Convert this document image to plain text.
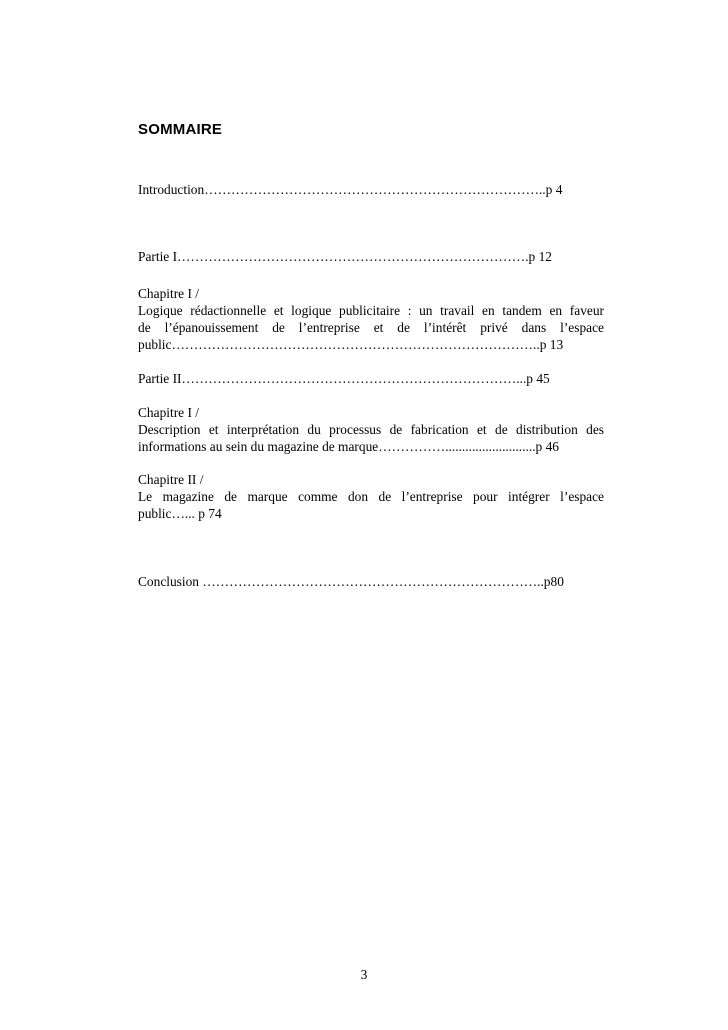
SOMMAIRE
Introduction…………………………………………………………………..p 4
Partie I…………………………………………………………………….p 12
Chapitre I /
Logique rédactionnelle et logique publicitaire : un travail en tandem en faveur
de l’épanouissement de l’entreprise et de l’intérêt privé dans l’espace
public………………………………………………………………………..p 13
Partie II…………………………………………………………………...p 45
Chapitre I /
Description et interprétation du processus de fabrication et de distribution des
informations au sein du magazine de marque……………...........................p 46
Chapitre II /
Le magazine de marque comme don de l’entreprise pour intégrer l’espace
public…... p 74
Conclusion …………………………………………………………………..p80
3
